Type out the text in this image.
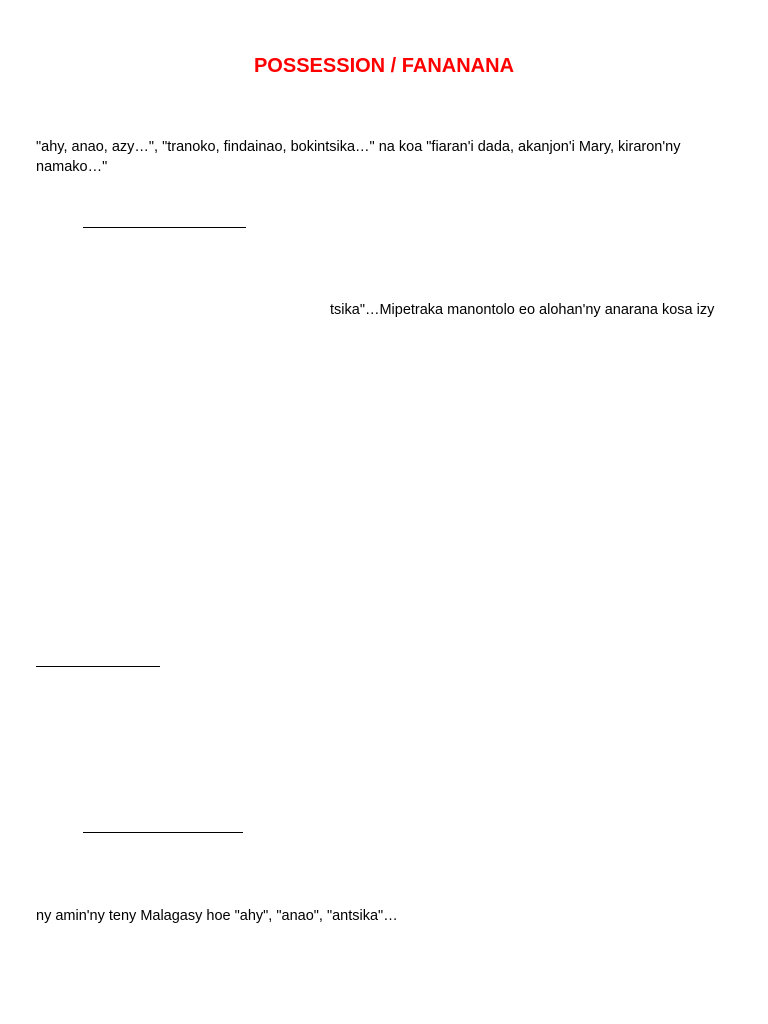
POSSESSION / FANANANA
"ahy, anao, azy…", "tranoko, findainao, bokintsika…" na koa "fiaran'i dada, akanjon'i Mary, kiraron'ny namako…"
tsika"…Mipetraka manontolo eo alohan'ny anarana kosa izy
ny amin'ny teny Malagasy hoe "ahy", "anao", "antsika"…
